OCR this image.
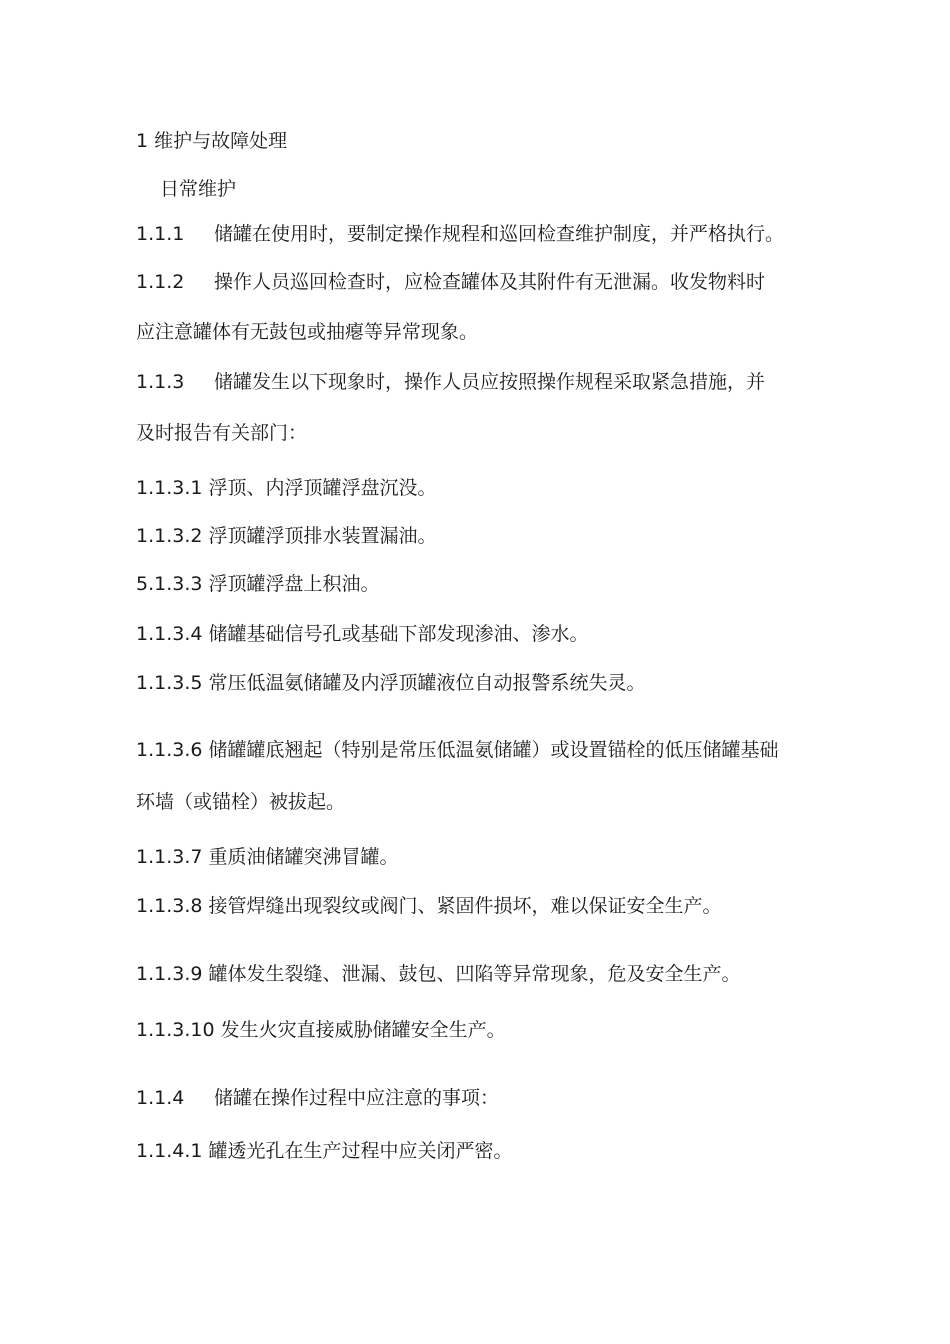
1 维护与故障处理

日常维护

1.1.1 储罐在使用时，要制定操作规程和巡回检查维护制度，并严格执行。

1.1.2 操作人员巡回检查时，应检查罐体及其附件有无泄漏。收发物料时

应注意罐体有无鼓包或抽瘪等异常现象。

1.1.3 储罐发生以下现象时，操作人员应按照操作规程采取紧急措施，并

及时报告有关部门：

1.1.3.1 浮顶、内浮顶罐浮盘沉没。

1.1.3.2 浮顶罐浮顶排水装置漏油。

5.1.3.3 浮顶罐浮盘上积油。

1.1.3.4 储罐基础信号孔或基础下部发现渗油、渗水。

1.1.3.5 常压低温氨储罐及内浮顶罐液位自动报警系统失灵。

1.1.3.6 储罐罐底翘起（特别是常压低温氨储罐）或设置锚栓的低压储罐基础

环墙（或锚栓）被拔起。

1.1.3.7 重质油储罐突沸冒罐。

1.1.3.8 接管焊缝出现裂纹或阀门、紧固件损坏，难以保证安全生产。

1.1.3.9 罐体发生裂缝、泄漏、鼓包、凹陷等异常现象，危及安全生产。

1.1.3.10 发生火灾直接威胁储罐安全生产。

1.1.4 储罐在操作过程中应注意的事项：

1.1.4.1 罐透光孔在生产过程中应关闭严密。
